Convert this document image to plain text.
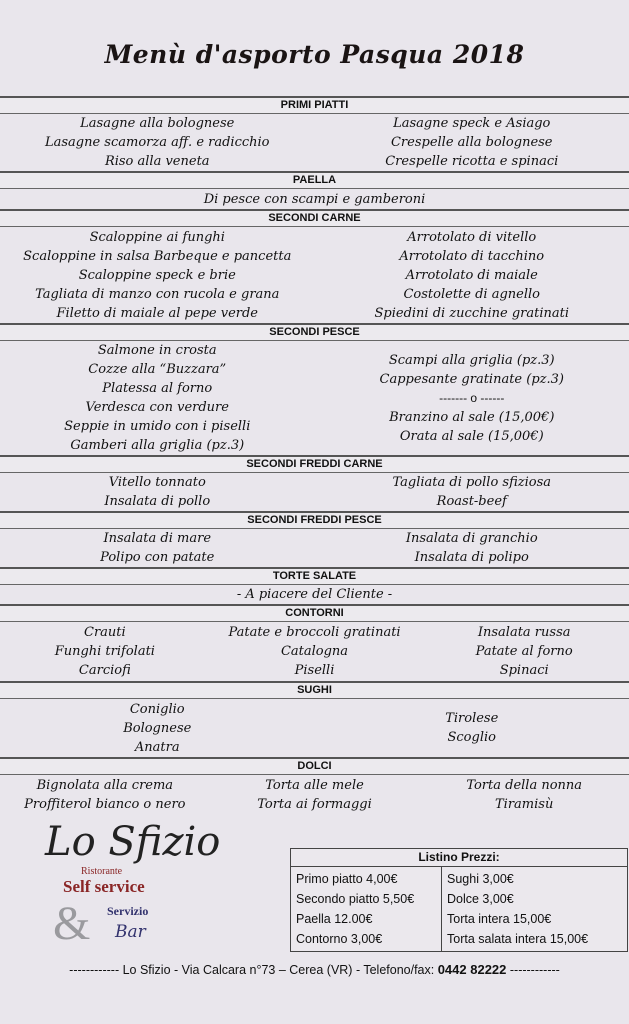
Menù d'asporto Pasqua 2018
PRIMI PIATTI
Lasagne alla bolognese
Lasagne scamorza aff. e radicchio
Riso alla veneta
Lasagne speck e Asiago
Crespelle alla bolognese
Crespelle ricotta e spinaci
PAELLA
Di pesce con scampi e gamberoni
SECONDI CARNE
Scaloppine ai funghi
Scaloppine in salsa Barbeque e pancetta
Scaloppine speck e brie
Tagliata di manzo con rucola e grana
Filetto di maiale al pepe verde
Arrotolato di vitello
Arrotolato di tacchino
Arrotolato di maiale
Costolette di agnello
Spiedini di zucchine gratinati
SECONDI PESCE
Salmone in crosta
Cozze alla “Buzzara”
Platessa al forno
Verdesca con verdure
Seppie in umido con i piselli
Gamberi alla griglia (pz.3)
Scampi alla griglia (pz.3)
Cappesante gratinate (pz.3)
------- o ------
Branzino al sale (15,00€)
Orata al sale (15,00€)
SECONDI FREDDI CARNE
Vitello tonnato
Insalata di pollo
Tagliata di pollo sfiziosa
Roast-beef
SECONDI FREDDI PESCE
Insalata di mare
Polipo con patate
Insalata di granchio
Insalata di polipo
TORTE SALATE
- A piacere del Cliente -
CONTORNI
Crauti
Funghi trifolati
Carciofi
Patate e broccoli gratinati
Catalogna
Piselli
Insalata russa
Patate al forno
Spinaci
SUGHI
Coniglio
Bolognese
Anatra
Tirolese
Scoglio
DOLCI
Bignolata alla crema
Proffiterol bianco o nero
Torta alle mele
Torta ai formaggi
Torta della nonna
Tiramisù
Lo Sfizio
&
Ristorante
Self service
Servizio
Bar
Listino Prezzi:
Primo piatto 4,00€
Secondo piatto 5,50€
Paella 12.00€
Contorno 3,00€
Sughi 3,00€
Dolce 3,00€
Torta intera 15,00€
Torta salata intera 15,00€
------------ Lo Sfizio - Via Calcara n°73 – Cerea (VR) - Telefono/fax: 0442 82222 ------------
